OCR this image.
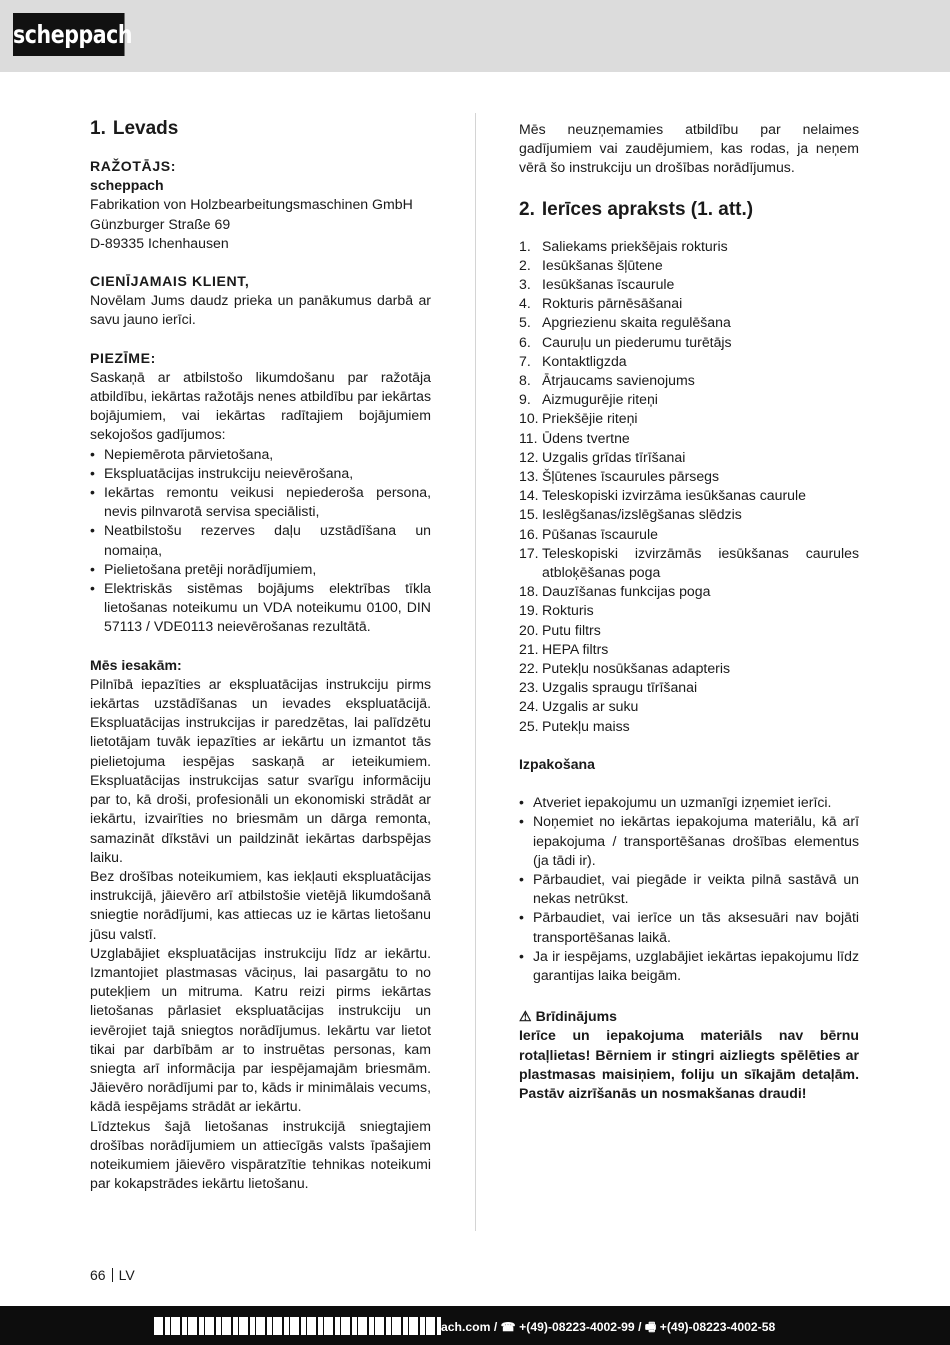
scheppach
1. Levads
RAŽOTĀJS:
scheppach
Fabrikation von Holzbearbeitungsmaschinen GmbH
Günzburger Straße 69
D-89335 Ichenhausen
CIENĪJAMAIS KLIENT,
Novēlam Jums daudz prieka un panākumus darbā ar savu jauno ierīci.
PIEZĪME:
Saskaņā ar atbilstošo likumdošanu par ražotāja atbildību, iekārtas ražotājs nenes atbildību par iekārtas bojājumiem, vai iekārtas radītajiem bojājumiem sekojošos gadījumos:
• Nepiemērota pārvietošana,
• Ekspluatācijas instrukciju neievērošana,
• Iekārtas remontu veikusi nepiederoša persona, nevis pilnvarotā servisa speciālisti,
• Neatbilstošu rezerves daļu uzstādīšana un nomaiņa,
• Pielietošana pretēji norādījumiem,
• Elektriskās sistēmas bojājums elektrības tīkla lietošanas noteikumu un VDA noteikumu 0100, DIN 57113 / VDE0113 neievērošanas rezultātā.
Mēs iesakām:
Pilnībā iepazīties ar ekspluatācijas instrukciju pirms iekārtas uzstādīšanas un ievades ekspluatācijā. Ekspluatācijas instrukcijas ir paredzētas, lai palīdzētu lietotājam tuvāk iepazīties ar iekārtu un izmantot tās pielietojuma iespējas saskaņā ar ieteikumiem. Ekspluatācijas instrukcijas satur svarīgu informāciju par to, kā droši, profesionāli un ekonomiski strādāt ar iekārtu, izvairīties no briesmām un dārga remonta, samazināt dīkstāvi un paildzināt iekārtas darbspējas laiku.
Bez drošības noteikumiem, kas iekļauti ekspluatācijas instrukcijā, jāievēro arī atbilstošie vietējā likumdošanā sniegtie norādījumi, kas attiecas uz ie kārtas lietošanu jūsu valstī.
Uzglabājiet ekspluatācijas instrukciju līdz ar iekārtu. Izmantojiet plastmasas vāciņus, lai pasargātu to no putekļiem un mitruma. Katru reizi pirms iekārtas lietošanas pārlasiet ekspluatācijas instrukciju un ievērojiet tajā sniegtos norādījumus. Iekārtu var lietot tikai par darbībām ar to instruētas personas, kam sniegta arī informācija par iespējamajām briesmām. Jāievēro norādījumi par to, kāds ir minimālais vecums, kādā iespējams strādāt ar iekārtu.
Līdztekus šajā lietošanas instrukcijā sniegtajiem drošības norādījumiem un attiecīgās valsts īpašajiem noteikumiem jāievēro vispāratzītie tehnikas noteikumi par kokapstrādes iekārtu lietošanu.
Mēs neuzņemamies atbildību par nelaimes gadījumiem vai zaudējumiem, kas rodas, ja neņem vērā šo instrukciju un drošības norādījumus.
2. Ierīces apraksts (1. att.)
1. Saliekams priekšējais rokturis
2. Iesūkšanas šļūtene
3. Iesūkšanas īscaurule
4. Rokturis pārnēsāšanai
5. Apgriezienu skaita regulēšana
6. Cauruļu un piederumu turētājs
7. Kontaktligzda
8. Ātrjaucams savienojums
9. Aizmugurējie riteņi
10. Priekšējie riteņi
11. Ūdens tvertne
12. Uzgalis grīdas tīrīšanai
13. Šļūtenes īscaurules pārsegs
14. Teleskopiski izvirzāma iesūkšanas caurule
15. Ieslēgšanas/izslēgšanas slēdzis
16. Pūšanas īscaurule
17. Teleskopiski izvirzāmās iesūkšanas caurules atbloķēšanas poga
18. Dauzīšanas funkcijas poga
19. Rokturis
20. Putu filtrs
21. HEPA filtrs
22. Putekļu nosūkšanas adapteris
23. Uzgalis spraugu tīrīšanai
24. Uzgalis ar suku
25. Putekļu maiss
Izpakošana
• Atveriet iepakojumu un uzmanīgi izņemiet ierīci.
• Noņemiet no iekārtas iepakojuma materiālu, kā arī iepakojuma / transportēšanas drošības elementus (ja tādi ir).
• Pārbaudiet, vai piegāde ir veikta pilnā sastāvā un nekas netrūkst.
• Pārbaudiet, vai ierīce un tās aksesuāri nav bojāti transportēšanas laikā.
• Ja ir iespējams, uzglabājiet iekārtas iepakojumu līdz garantijas laika beigām.
⚠ Brīdinājums
Ierīce un iepakojuma materiāls nav bērnu rotaļlietas! Bērniem ir stingri aizliegts spēlēties ar plastmasas maisiņiem, foliju un sīkajām detaļām. Pastāv aizrīšanās un nosmakšanas draudi!
66 LV
ach.com / ☎ +(49)-08223-4002-99 / 🖷 +(49)-08223-4002-58
